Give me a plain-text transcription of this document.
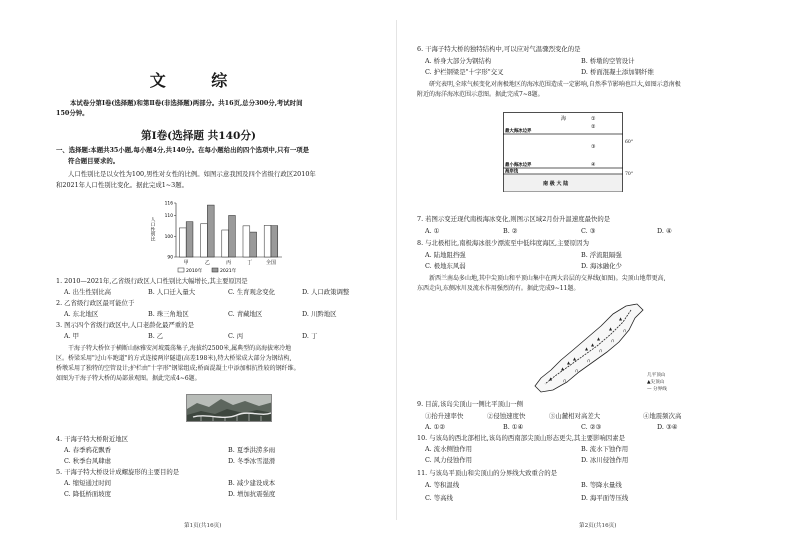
文 综
本试卷分第Ⅰ卷(选择题)和第Ⅱ卷(非选择题)两部分。共16页,总分300分,考试时间
150分钟。
第Ⅰ卷(选择题 共140分)
一、选择题:本题共35小题,每小题4分,共140分。在每小题给出的四个选项中,只有一项是
符合题目要求的。
人口性别比是以女性为100,男性对女性的比例。如图示意我国及四个省级行政区2010年
和2021年人口性别比变化。据此完成1~3题。
人口性别比
90
100
110
116
甲	乙	丙	丁	全国
2010年	2021年
1. 2010—2021年,乙省级行政区人口性别比大幅增长,其主要原因是
A. 出生性别比高	B. 人口迁入量大	C. 生育观念变化	D. 人口政策调整
2. 乙省级行政区最可能位于
A. 东北地区	B. 珠三角地区	C. 青藏地区	D. 川黔地区
3. 图示四个省级行政区中,人口老龄化最严重的是
A. 甲	B. 乙	C. 丙	D. 丁
干海子特大桥位于横断山脉雅安河坡震荡集子,海拔约2500米,属典型的高海拔寒冷地
区。桥梁采用"过山车跑道"的方式连接两岸隧道(高差198米),特大桥梁成大部分为钢结构,
桥墩采用了独特的空管设计;护栏由"十字形"钢梁组成;桥面混凝土中添加相抗性较的钢纤维。
如图为干海子特大桥的局部景观图。据此完成4~6题。
4. 干海子特大桥附近地区
A. 春季鸦花飘香	B. 夏季洪涝多雨
C. 秋季台风肆虐	D. 冬季冰雪湿滑
5. 干海子特大桥设计成螺旋形的主要目的是
A. 缩短通过时间	B. 减少建设成本
C. 降低桥面坡度	D. 增加抗震强度
第1页(共16页)
6. 干海子特大桥的独特结构中,可以应对气温骤烈变化的是
A. 桥身大部分为钢结构	B. 桥墩的空管设计
C. 护栏钢梁是"十字形"交叉	D. 桥面混凝土添加钢纤维
研究表明,全球气候变化对南极地区的海冰范围造成一定影响,自然季节影响也巨大,如图示意南极
附近的海洋海冰范围示意图。据此完成7~8题。
海	①
②
最大海冰边界
③
最小海冰边界	④
海岸线
南 极 大 陆
60°
70°
7. 若图示变迁现代南极海冰变化,则图示区域2月份升温速度最快的是
A. ①	B. ②	C. ③	D. ④
8. 与北极相比,南极海冰很少漂流至中低纬度海区,主要原因为
A. 陆地阻挡强	B. 浮流阻隔强
C. 极地东风弱	D. 海冰融化少
新西兰南岛多山地,其中尖顶山和平顶山集中在两大岩层的交界线(如图)。尖顶山地带更高,
东西走向,东侧冰川及流水作用强烈的有。据此完成9~11题。
▲
▲
▲
▲
▲
▲
▲
▲
▲
∩
∩
∩
∩
∩
∩
几平顶山
▲尖顶山
— 分界线
9. 目前,该岛尖顶山一侧比平顶山一侧
①抬升速率快	②侵蚀速度快	③山麓相对高差大	④地震频次高
A. ①②	B. ①④	C. ②③	D. ③④
10. 与该岛的西北部相比,该岛的西南部尖顶山形态更尖,其主要影响因素是
A. 流水侧蚀作用	B. 流水下蚀作用
C. 风力侵蚀作用	D. 冰川侵蚀作用
11. 与该岛平顶山和尖顶山的分界线大致重合的是
A. 等积温线	B. 等降水量线
C. 等高线	D. 海平面等压线
第2页(共16页)
